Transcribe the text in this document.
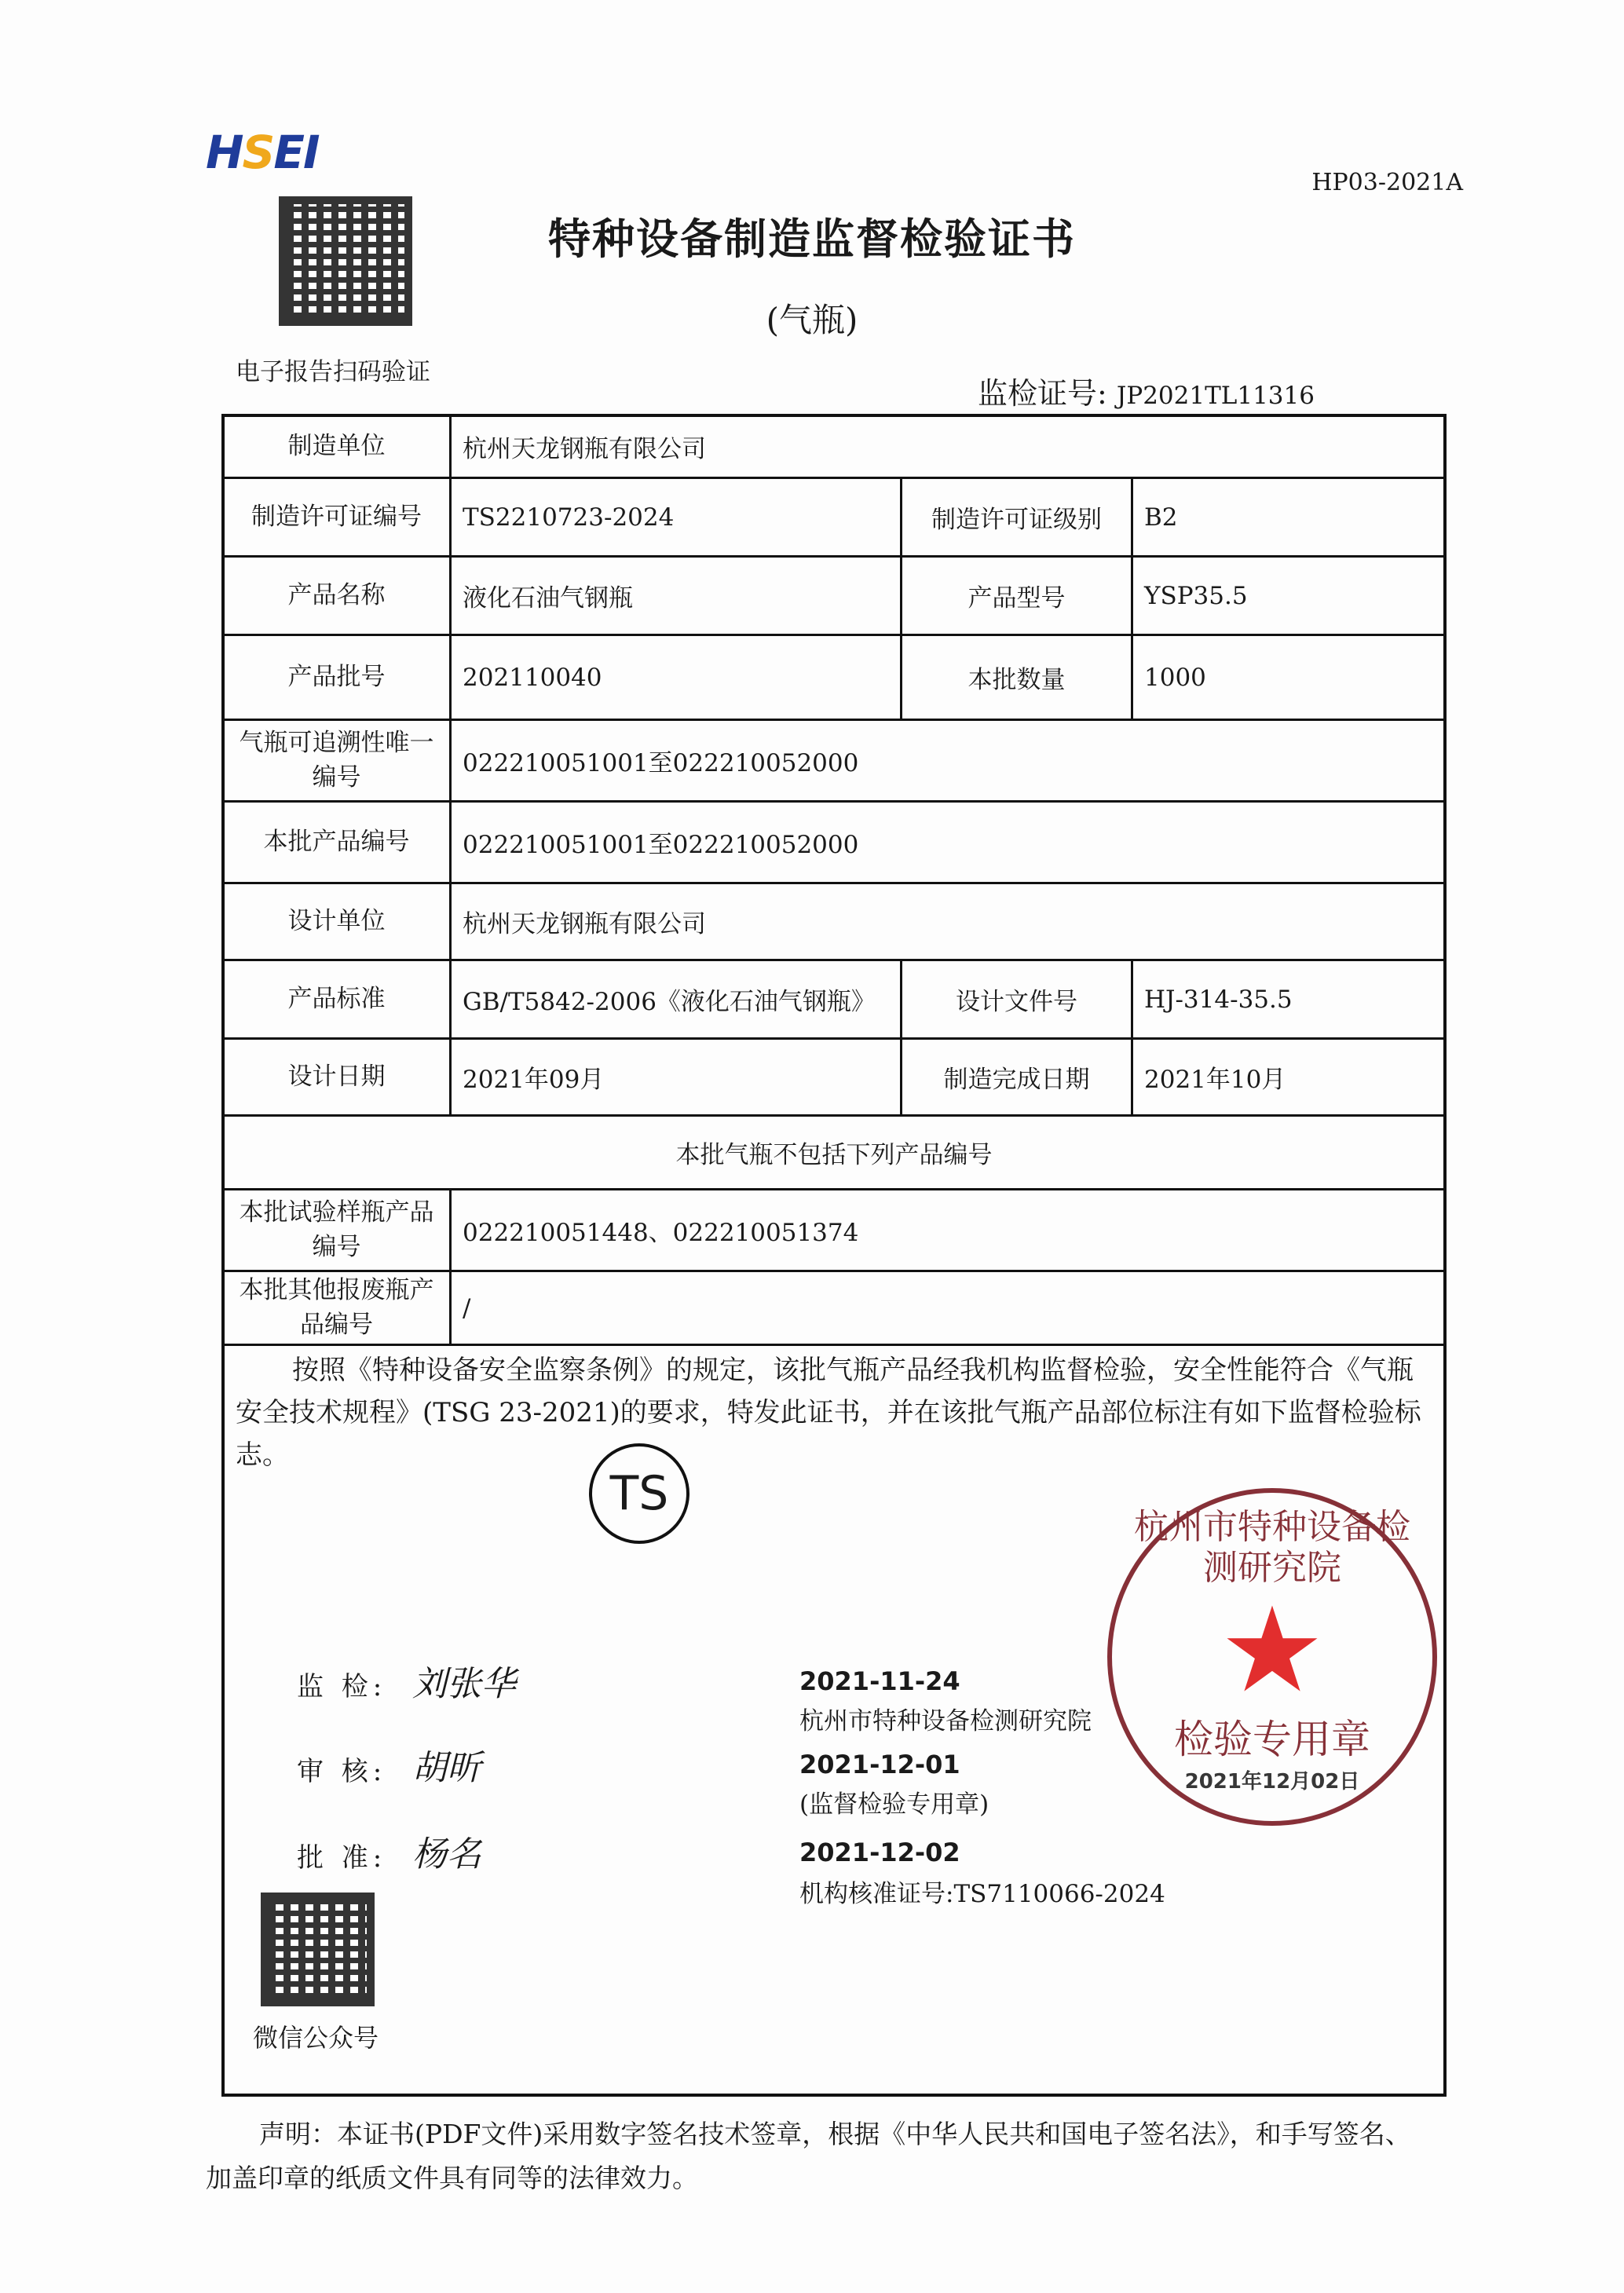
HSEI
HP03-2021A
特种设备制造监督检验证书
(气瓶)
电子报告扫码验证
监检证号: JP2021TL11316
制造单位	杭州天龙钢瓶有限公司		
制造许可证编号	TS2210723-2024	制造许可证级别	B2
产品名称	液化石油气钢瓶	产品型号	YSP35.5
产品批号	202110040	本批数量	1000
气瓶可追溯性唯一编号	022210051001至022210052000		
本批产品编号	022210051001至022210052000		
设计单位	杭州天龙钢瓶有限公司		
产品标准	GB/T5842-2006《液化石油气钢瓶》	设计文件号	HJ-314-35.5
设计日期	2021年09月	制造完成日期	2021年10月
本批气瓶不包括下列产品编号			
本批试验样瓶产品编号	022210051448、022210051374		
本批其他报废瓶产品编号	/		
按照《特种设备安全监察条例》的规定，该批气瓶产品经我机构监督检验，安全性能符合《气瓶安全技术规程》(TSG 23-2021)的要求，特发此证书，并在该批气瓶产品部位标注有如下监督检验标志。
TS
杭州市特种设备检测研究院
★
检验专用章
2021年12月02日
监 检: 刘张华	2021-11-24
杭州市特种设备检测研究院
审 核: 胡昕	2021-12-01
(监督检验专用章)
批 准: 杨名	2021-12-02
机构核准证号:TS7110066-2024
微信公众号
声明：本证书(PDF文件)采用数字签名技术签章，根据《中华人民共和国电子签名法》，和手写签名、加盖印章的纸质文件具有同等的法律效力。
